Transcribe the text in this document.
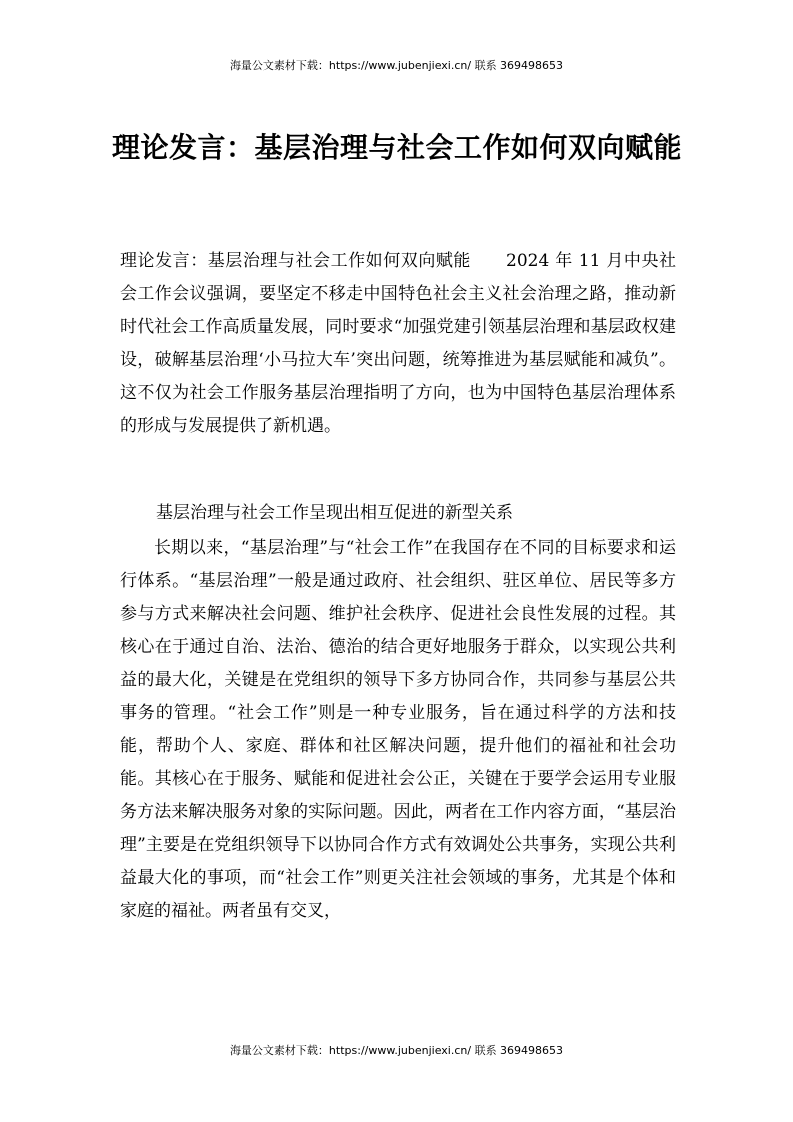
海量公文素材下载：https://www.jubenjiexi.cn/ 联系 369498653
理论发言：基层治理与社会工作如何双向赋能
理论发言：基层治理与社会工作如何双向赋能　　2024 年 11 月中央社会工作会议强调，要坚定不移走中国特色社会主义社会治理之路，推动新时代社会工作高质量发展，同时要求“加强党建引领基层治理和基层政权建设，破解基层治理‘小马拉大车’突出问题，统筹推进为基层赋能和减负”。这不仅为社会工作服务基层治理指明了方向，也为中国特色基层治理体系的形成与发展提供了新机遇。
基层治理与社会工作呈现出相互促进的新型关系
长期以来，“基层治理”与“社会工作”在我国存在不同的目标要求和运行体系。“基层治理”一般是通过政府、社会组织、驻区单位、居民等多方参与方式来解决社会问题、维护社会秩序、促进社会良性发展的过程。其核心在于通过自治、法治、德治的结合更好地服务于群众，以实现公共利益的最大化，关键是在党组织的领导下多方协同合作，共同参与基层公共事务的管理。“社会工作”则是一种专业服务，旨在通过科学的方法和技能，帮助个人、家庭、群体和社区解决问题，提升他们的福祉和社会功能。其核心在于服务、赋能和促进社会公正，关键在于要学会运用专业服务方法来解决服务对象的实际问题。因此，两者在工作内容方面，“基层治理”主要是在党组织领导下以协同合作方式有效调处公共事务，实现公共利益最大化的事项，而“社会工作”则更关注社会领域的事务，尤其是个体和家庭的福祉。两者虽有交叉，
海量公文素材下载：https://www.jubenjiexi.cn/ 联系 369498653
